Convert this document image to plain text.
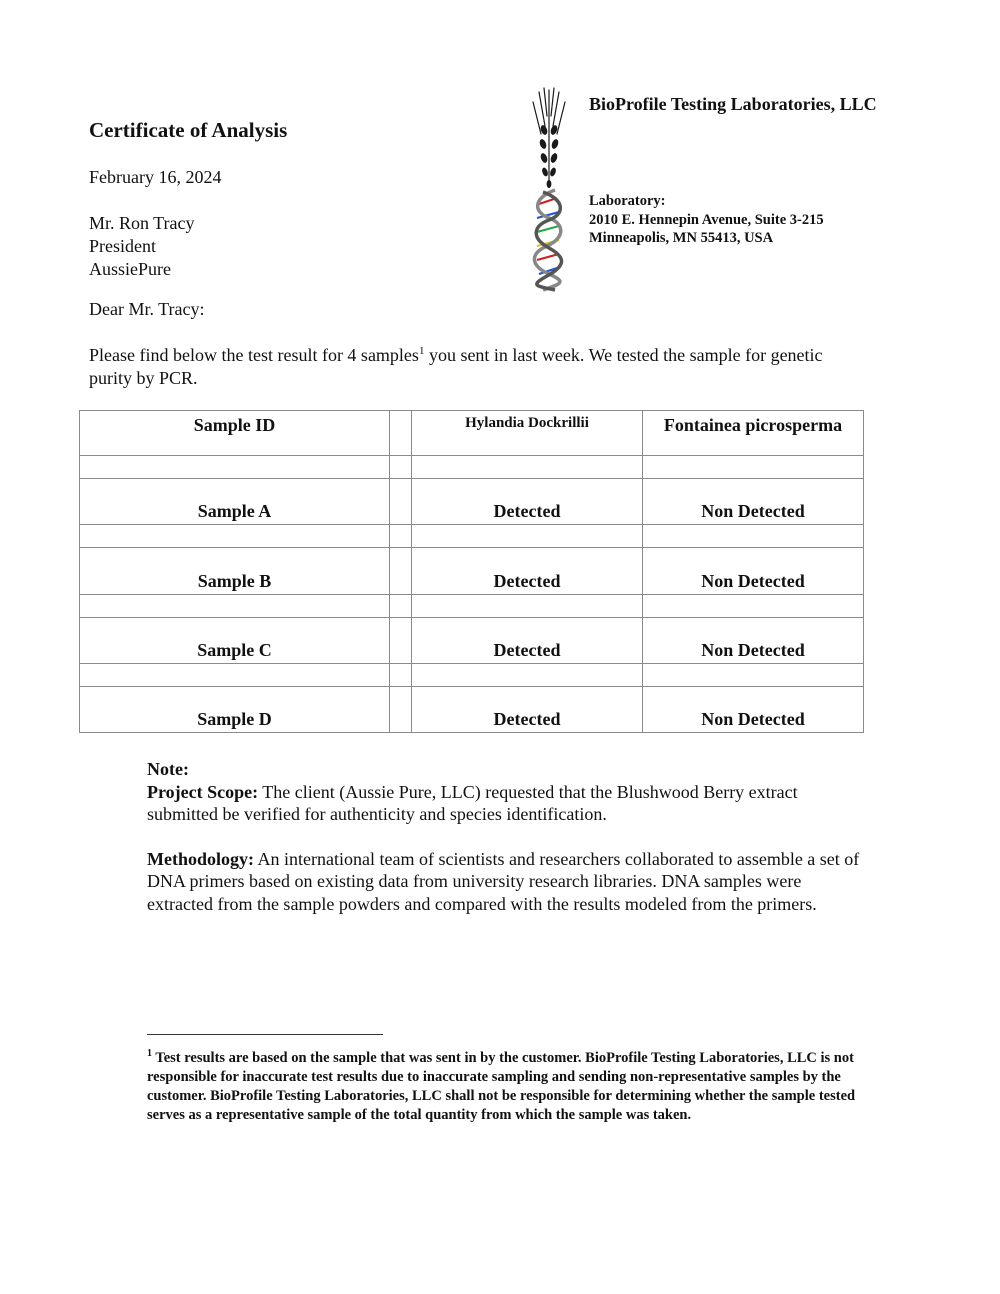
Certificate of Analysis
February 16, 2024
Mr. Ron Tracy
President
AussiePure
Dear Mr. Tracy:
Please find below the test result for 4 samples$^1$ you sent in last week. We tested the sample for genetic purity by PCR.
BioProfile Testing Laboratories, LLC
Laboratory:
2010 E. Hennepin Avenue, Suite 3-215
Minneapolis, MN 55413, USA
Sample ID		Hylandia Dockrillii	Fontainea picrosperma

Sample A		Detected	Non Detected

Sample B		Detected	Non Detected

Sample C		Detected	Non Detected

Sample D		Detected	Non Detected

Note:

Project Scope: The client (Aussie Pure, LLC) requested that the Blushwood Berry extract submitted be verified for authenticity and species identification.

Methodology: An international team of scientists and researchers collaborated to assemble a set of DNA primers based on existing data from university research libraries. DNA samples were extracted from the sample powders and compared with the results modeled from the primers.

$^1$ Test results are based on the sample that was sent in by the customer. BioProfile Testing Laboratories, LLC is not responsible for inaccurate test results due to inaccurate sampling and sending non-representative samples by the customer. BioProfile Testing Laboratories, LLC shall not be responsible for determining whether the sample tested serves as a representative sample of the total quantity from which the sample was taken.
